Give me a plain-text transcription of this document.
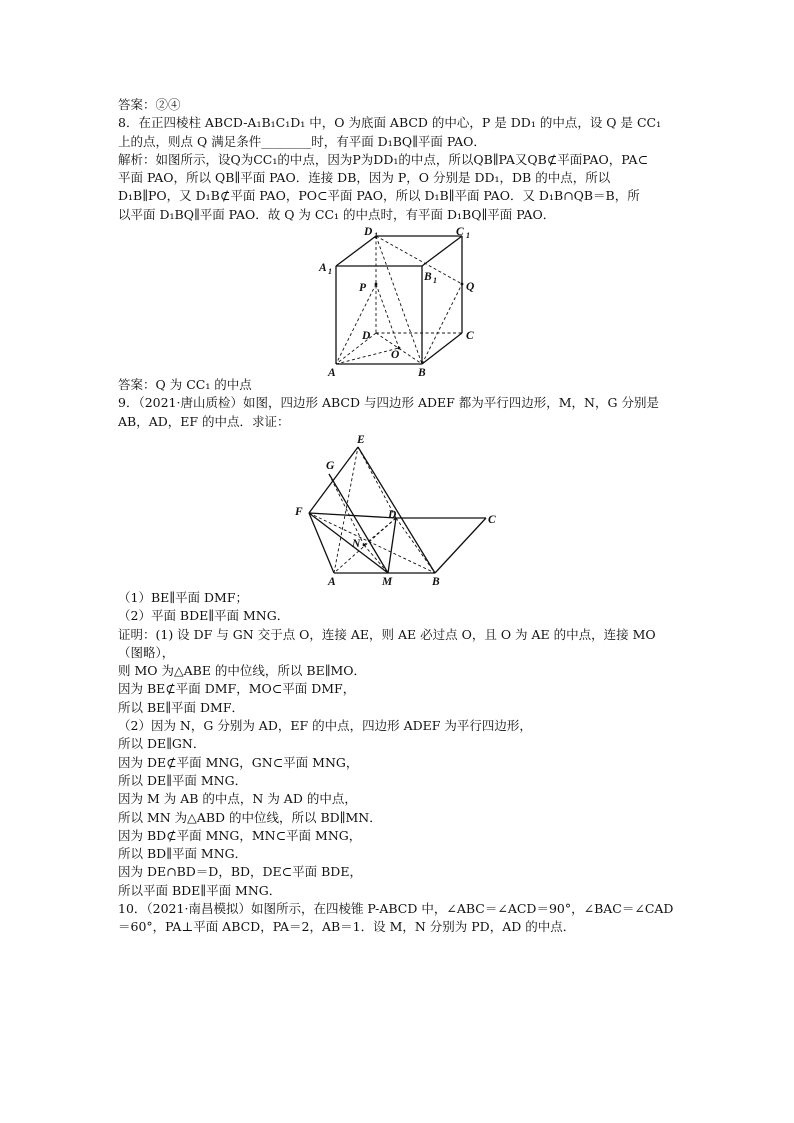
答案：②④
8．在正四棱柱 ABCD-A₁B₁C₁D₁ 中，O 为底面 ABCD 的中心，P 是 DD₁ 的中点，设 Q 是 CC₁
上的点，则点 Q 满足条件________时，有平面 D₁BQ∥平面 PAO．
解析：如图所示，设Q为CC₁的中点，因为P为DD₁的中点，所以QB∥PA又QB⊄平面PAO，PA⊂
平面 PAO，所以 QB∥平面 PAO．连接 DB，因为 P，O 分别是 DD₁，DB 的中点，所以
D₁B∥PO，又 D₁B⊄平面 PAO，PO⊂平面 PAO，所以 D₁B∥平面 PAO．又 D₁B∩QB＝B，所
以平面 D₁BQ∥平面 PAO．故 Q 为 CC₁ 的中点时，有平面 D₁BQ∥平面 PAO．
D 1	C 1
A 1	B 1
P	Q
D	C
O
A	B
答案：Q 为 CC₁ 的中点
9．（2021·唐山质检）如图，四边形 ABCD 与四边形 ADEF 都为平行四边形，M，N，G 分别是
AB，AD，EF 的中点．求证：
E
G
F	D	C
N
A	M	B
（1）BE∥平面 DMF；
（2）平面 BDE∥平面 MNG．
证明：(1) 设 DF 与 GN 交于点 O，连接 AE，则 AE 必过点 O，且 O 为 AE 的中点，连接 MO
（图略），
则 MO 为△ABE 的中位线，所以 BE∥MO．
因为 BE⊄平面 DMF，MO⊂平面 DMF，
所以 BE∥平面 DMF．
（2）因为 N，G 分别为 AD，EF 的中点，四边形 ADEF 为平行四边形，
所以 DE∥GN．
因为 DE⊄平面 MNG，GN⊂平面 MNG，
所以 DE∥平面 MNG．
因为 M 为 AB 的中点，N 为 AD 的中点，
所以 MN 为△ABD 的中位线，所以 BD∥MN．
因为 BD⊄平面 MNG，MN⊂平面 MNG，
所以 BD∥平面 MNG．
因为 DE∩BD＝D，BD，DE⊂平面 BDE，
所以平面 BDE∥平面 MNG．
10．（2021·南昌模拟）如图所示，在四棱锥 P-ABCD 中，∠ABC＝∠ACD＝90°，∠BAC＝∠CAD
＝60°，PA⊥平面 ABCD，PA＝2，AB＝1．设 M，N 分别为 PD，AD 的中点．
